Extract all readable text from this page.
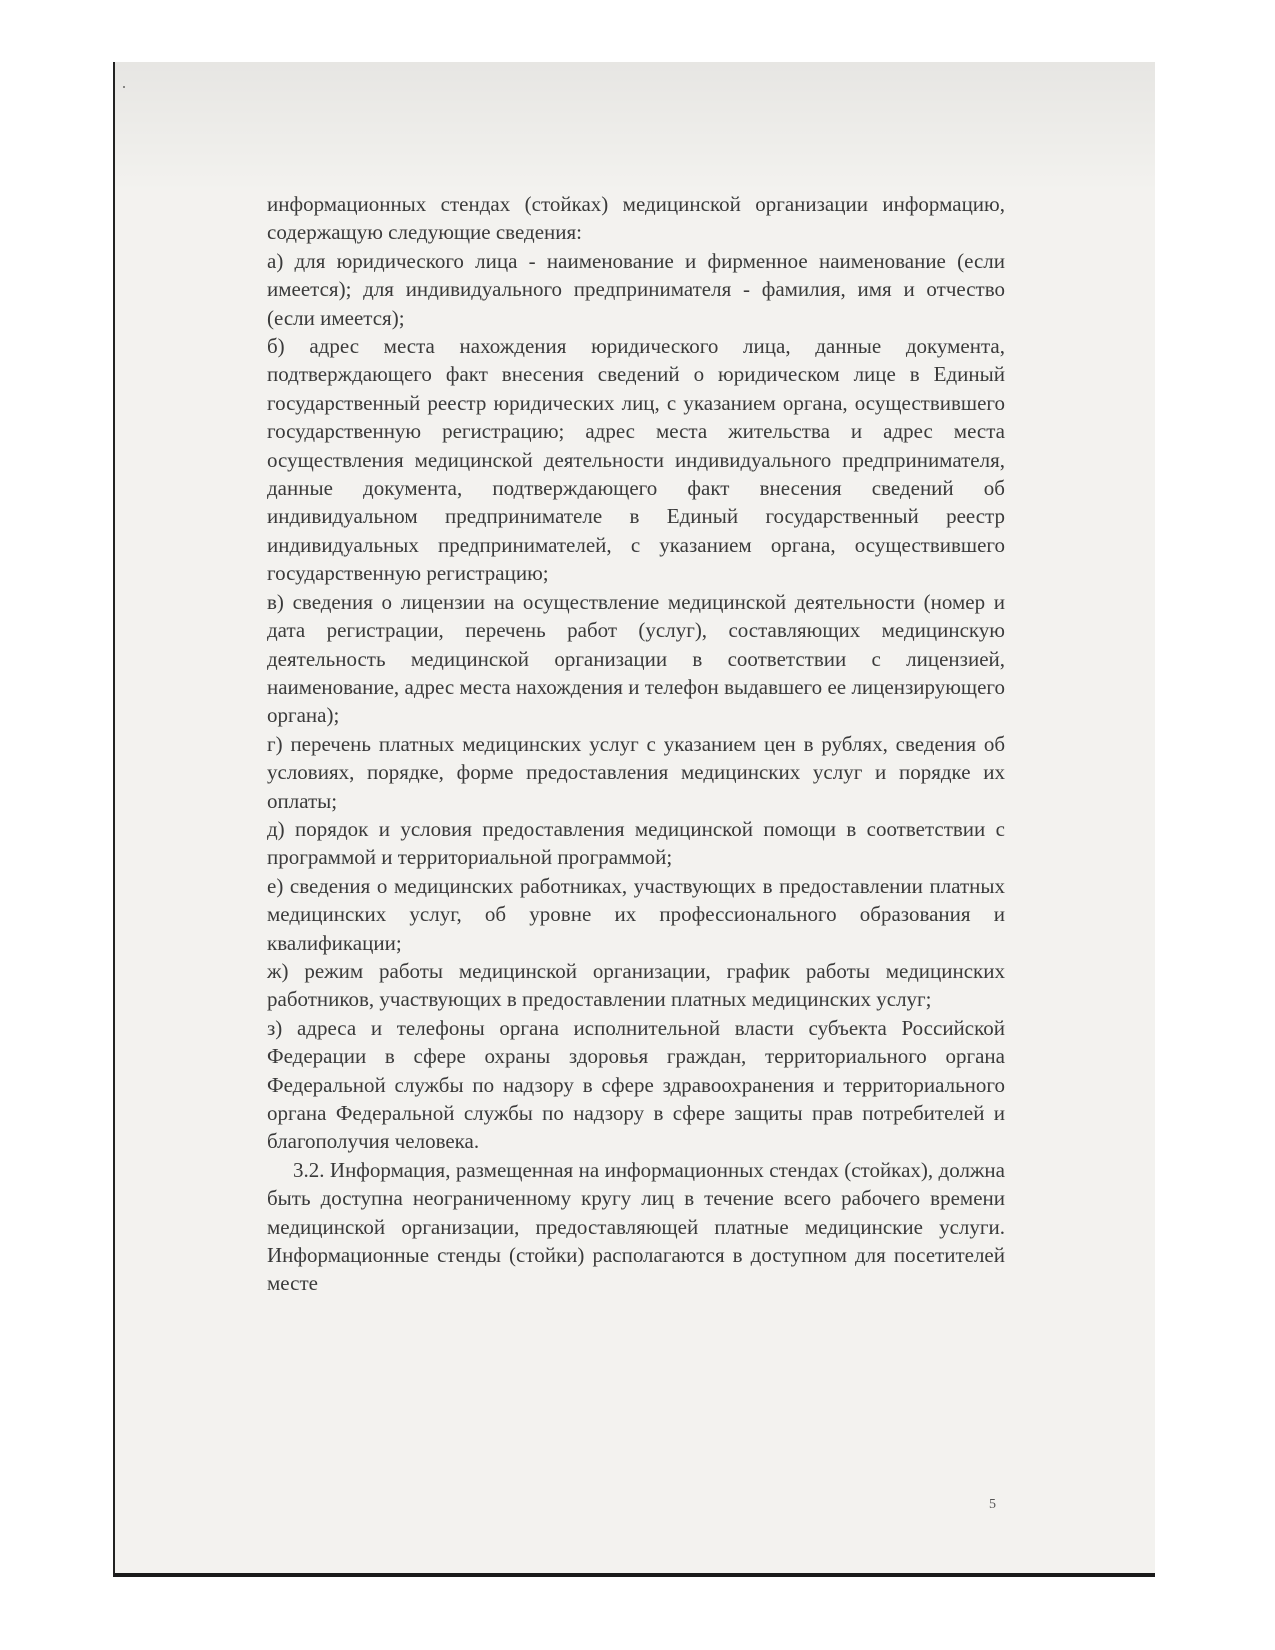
информационных стендах (стойках) медицинской организации информацию, содержащую следующие сведения:

а) для юридического лица - наименование и фирменное наименование (если имеется); для индивидуального предпринимателя - фамилия, имя и отчество (если имеется);

б) адрес места нахождения юридического лица, данные документа, подтверждающего факт внесения сведений о юридическом лице в Единый государственный реестр юридических лиц, с указанием органа, осуществившего государственную регистрацию; адрес места жительства и адрес места осуществления медицинской деятельности индивидуального предпринимателя, данные документа, подтверждающего факт внесения сведений об индивидуальном предпринимателе в Единый государственный реестр индивидуальных предпринимателей, с указанием органа, осуществившего государственную регистрацию;

в) сведения о лицензии на осуществление медицинской деятельности (номер и дата регистрации, перечень работ (услуг), составляющих медицинскую деятельность медицинской организации в соответствии с лицензией, наименование, адрес места нахождения и телефон выдавшего ее лицензирующего органа);

г) перечень платных медицинских услуг с указанием цен в рублях, сведения об условиях, порядке, форме предоставления медицинских услуг и порядке их оплаты;

д) порядок и условия предоставления медицинской помощи в соответствии с программой и территориальной программой;

е) сведения о медицинских работниках, участвующих в предоставлении платных медицинских услуг, об уровне их профессионального образования и квалификации;

ж) режим работы медицинской организации, график работы медицинских работников, участвующих в предоставлении платных медицинских услуг;

з) адреса и телефоны органа исполнительной власти субъекта Российской Федерации в сфере охраны здоровья граждан, территориального органа Федеральной службы по надзору в сфере здравоохранения и территориального органа Федеральной службы по надзору в сфере защиты прав потребителей и благополучия человека.

3.2. Информация, размещенная на информационных стендах (стойках), должна быть доступна неограниченному кругу лиц в течение всего рабочего времени медицинской организации, предоставляющей платные медицинские услуги. Информационные стенды (стойки) располагаются в доступном для посетителей месте

5
